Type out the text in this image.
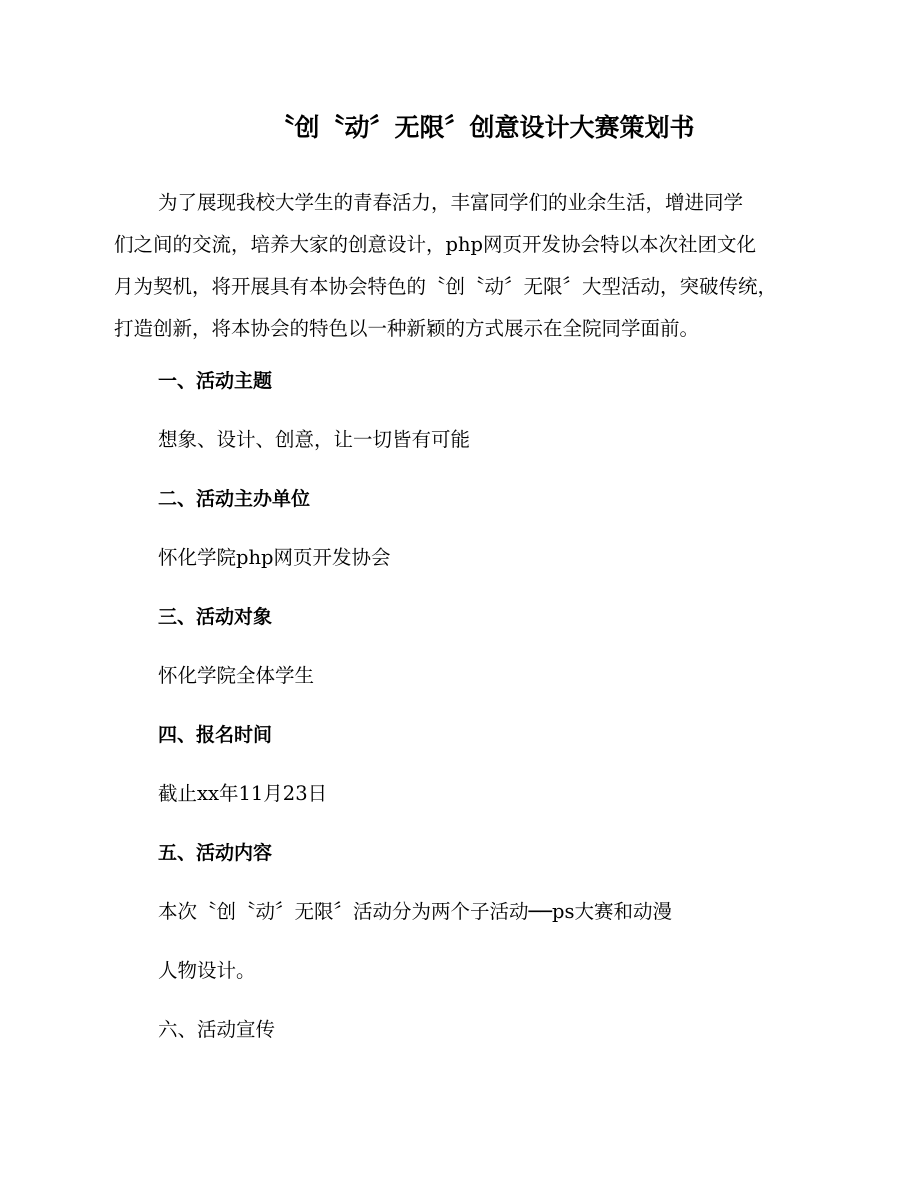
〝创〝动〞无限〞创意设计大赛策划书
为了展现我校大学生的青春活力，丰富同学们的业余生活，增进同学
们之间的交流，培养大家的创意设计，php网页开发协会特以本次社团文化
月为契机，将开展具有本协会特色的〝创〝动〞无限〞大型活动，突破传统，
打造创新，将本协会的特色以一种新颖的方式展示在全院同学面前。
一、活动主题
想象、设计、创意，让一切皆有可能
二、活动主办单位
怀化学院php网页开发协会
三、活动对象
怀化学院全体学生
四、报名时间
截止xx年11月23日
五、活动内容
本次〝创〝动〞无限〞活动分为两个子活动──ps大赛和动漫
人物设计。
六、活动宣传
